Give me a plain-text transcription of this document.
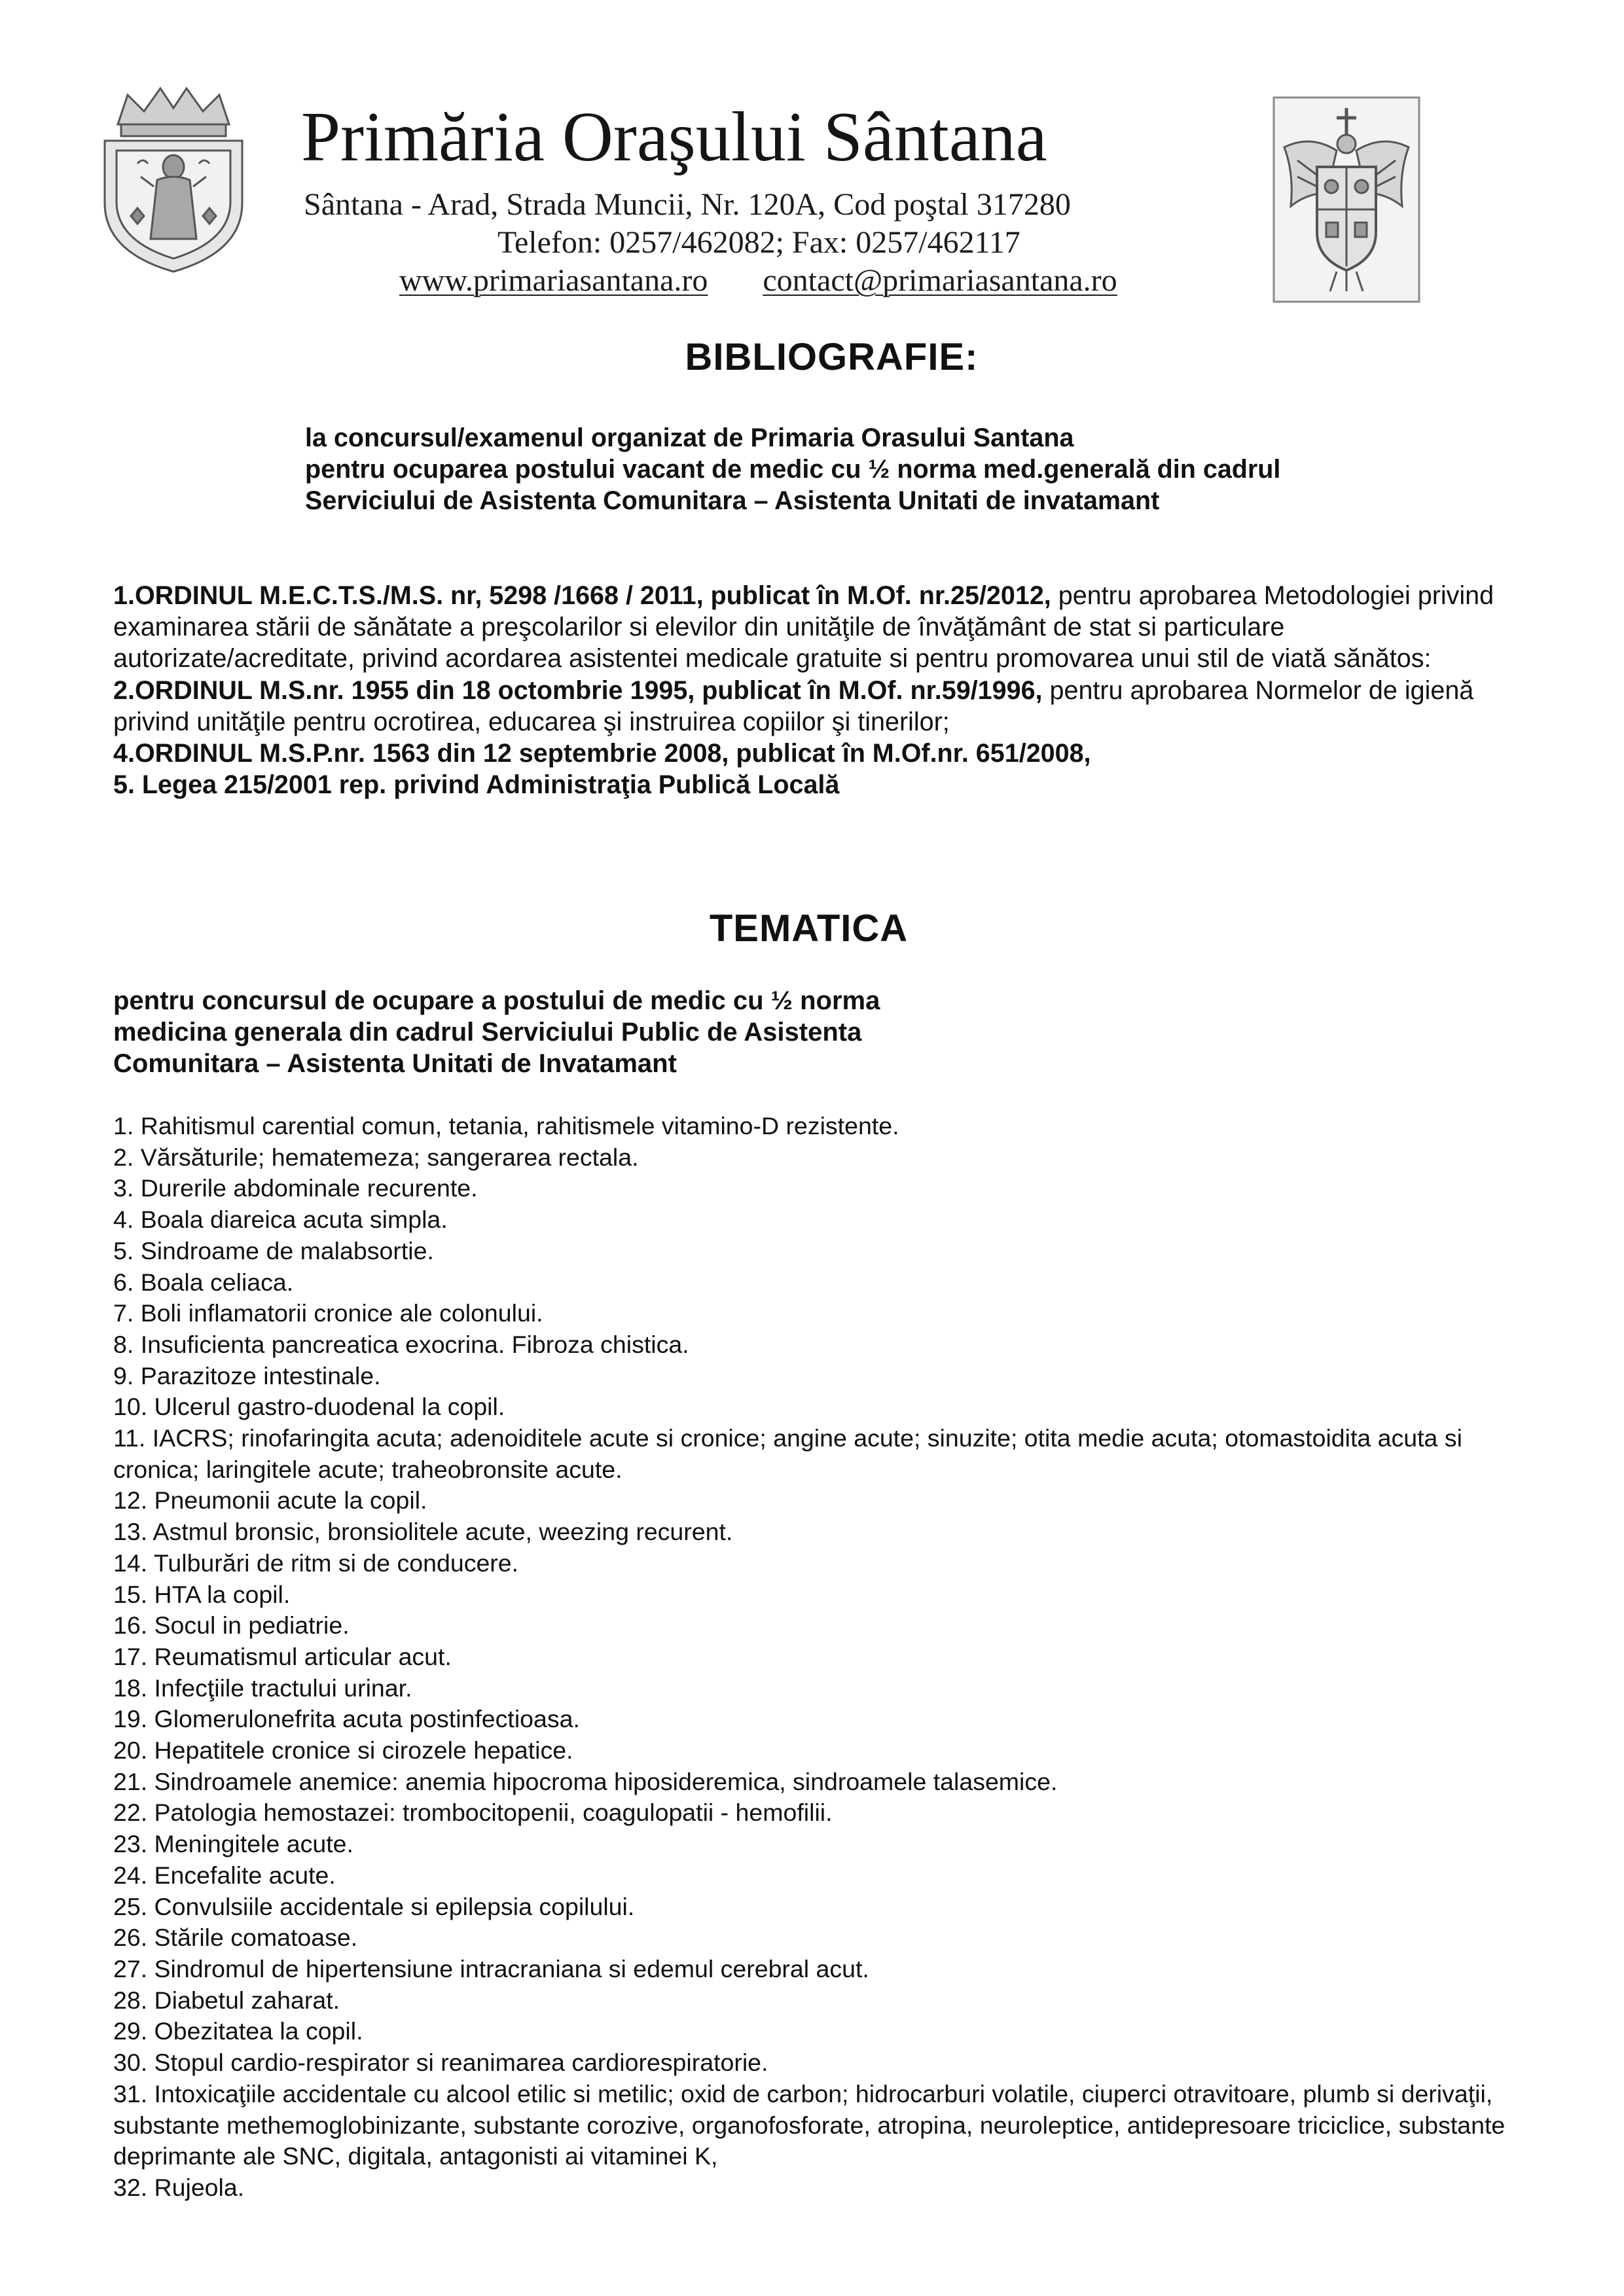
Primăria Oraşului Sântana
Sântana - Arad, Strada Muncii, Nr. 120A, Cod poştal 317280
Telefon: 0257/462082; Fax: 0257/462117
www.primariasantana.ro contact@primariasantana.ro
BIBLIOGRAFIE:
la concursul/examenul organizat de Primaria Orasului Santana
pentru ocuparea postului vacant de medic cu ½ norma med.generală din cadrul
Serviciului de Asistenta Comunitara – Asistenta Unitati de invatamant

1.ORDINUL M.E.C.T.S./M.S. nr, 5298 /1668 / 2011, publicat în M.Of. nr.25/2012, pentru aprobarea Metodologiei privind examinarea stării de sănătate a preşcolarilor si elevilor din unităţile de învăţământ de stat si particulare autorizate/acreditate, privind acordarea asistentei medicale gratuite si pentru promovarea unui stil de viată sănătos:

2.ORDINUL M.S.nr. 1955 din 18 octombrie 1995, publicat în M.Of. nr.59/1996, pentru aprobarea Normelor de igienă privind unităţile pentru ocrotirea, educarea şi instruirea copiilor şi tinerilor;

4.ORDINUL M.S.P.nr. 1563 din 12 septembrie 2008, publicat în M.Of.nr. 651/2008,

5. Legea 215/2001 rep. privind Administraţia Publică Locală

TEMATICA
pentru concursul de ocupare a postului de medic cu ½ norma
medicina generala din cadrul Serviciului Public de Asistenta
Comunitara – Asistenta Unitati de Invatamant
1. Rahitismul carential comun, tetania, rahitismele vitamino-D rezistente.
2. Vărsăturile; hematemeza; sangerarea rectala.
3. Durerile abdominale recurente.
4. Boala diareica acuta simpla.
5. Sindroame de malabsortie.
6. Boala celiaca.
7. Boli inflamatorii cronice ale colonului.
8. Insuficienta pancreatica exocrina. Fibroza chistica.
9. Parazitoze intestinale.
10. Ulcerul gastro-duodenal la copil.
11. IACRS; rinofaringita acuta; adenoiditele acute si cronice; angine acute; sinuzite; otita medie acuta; otomastoidita acuta si cronica; laringitele acute; traheobronsite acute.
12. Pneumonii acute la copil.
13. Astmul bronsic, bronsiolitele acute, weezing recurent.
14. Tulburări de ritm si de conducere.
15. HTA la copil.
16. Socul in pediatrie.
17. Reumatismul articular acut.
18. Infecţiile tractului urinar.
19. Glomerulonefrita acuta postinfectioasa.
20. Hepatitele cronice si cirozele hepatice.
21. Sindroamele anemice: anemia hipocroma hiposideremica, sindroamele talasemice.
22. Patologia hemostazei: trombocitopenii, coagulopatii - hemofilii.
23. Meningitele acute.
24. Encefalite acute.
25. Convulsiile accidentale si epilepsia copilului.
26. Stările comatoase.
27. Sindromul de hipertensiune intracraniana si edemul cerebral acut.
28. Diabetul zaharat.
29. Obezitatea la copil.
30. Stopul cardio-respirator si reanimarea cardiorespiratorie.
31. Intoxicaţiile accidentale cu alcool etilic si metilic; oxid de carbon; hidrocarburi volatile, ciuperci otravitoare, plumb si derivaţii, substante methemoglobinizante, substante corozive, organofosforate, atropina, neuroleptice, antidepresoare triciclice, substante deprimante ale SNC, digitala, antagonisti ai vitaminei K,
32. Rujeola.
